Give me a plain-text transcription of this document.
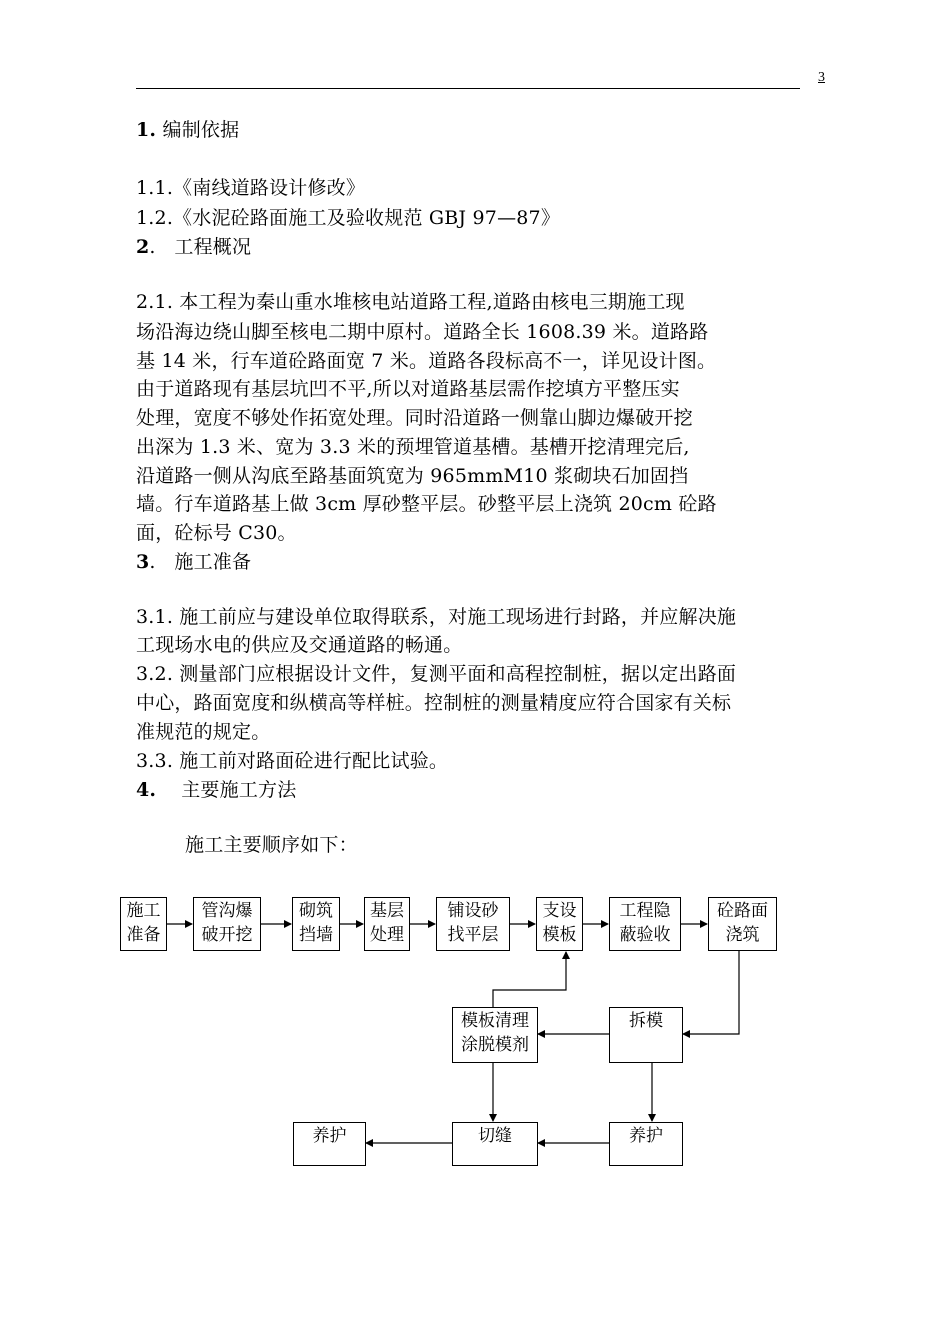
3
1. 编制依据
1.1.《南线道路设计修改》
1.2.《水泥砼路面施工及验收规范 GBJ 97—87》
2.   工程概况
2.1. 本工程为秦山重水堆核电站道路工程,道路由核电三期施工现
场沿海边绕山脚至核电二期中原村。道路全长 1608.39 米。道路路
基 14 米，行车道砼路面宽 7 米。道路各段标高不一，详见设计图。
由于道路现有基层坑凹不平,所以对道路基层需作挖填方平整压实
处理，宽度不够处作拓宽处理。同时沿道路一侧靠山脚边爆破开挖
出深为 1.3 米、宽为 3.3 米的预埋管道基槽。基槽开挖清理完后,
沿道路一侧从沟底至路基面筑宽为 965mmM10 浆砌块石加固挡
墙。行车道路基上做 3cm 厚砂整平层。砂整平层上浇筑 20cm 砼路
面，砼标号 C30。
3.   施工准备
3.1. 施工前应与建设单位取得联系，对施工现场进行封路，并应解决施
工现场水电的供应及交通道路的畅通。
3.2. 测量部门应根据设计文件，复测平面和高程控制桩，据以定出路面
中心，路面宽度和纵横高等样桩。控制桩的测量精度应符合国家有关标
准规范的规定。
3.3. 施工前对路面砼进行配比试验。
4. 主要施工方法
施工主要顺序如下：
施工
准备
管沟爆
破开挖
砌筑
挡墙
基层
处理
铺设砂
找平层
支设
模板
工程隐
蔽验收
砼路面
浇筑
模板清理
涂脱模剂
拆模
养护	切缝	养护
